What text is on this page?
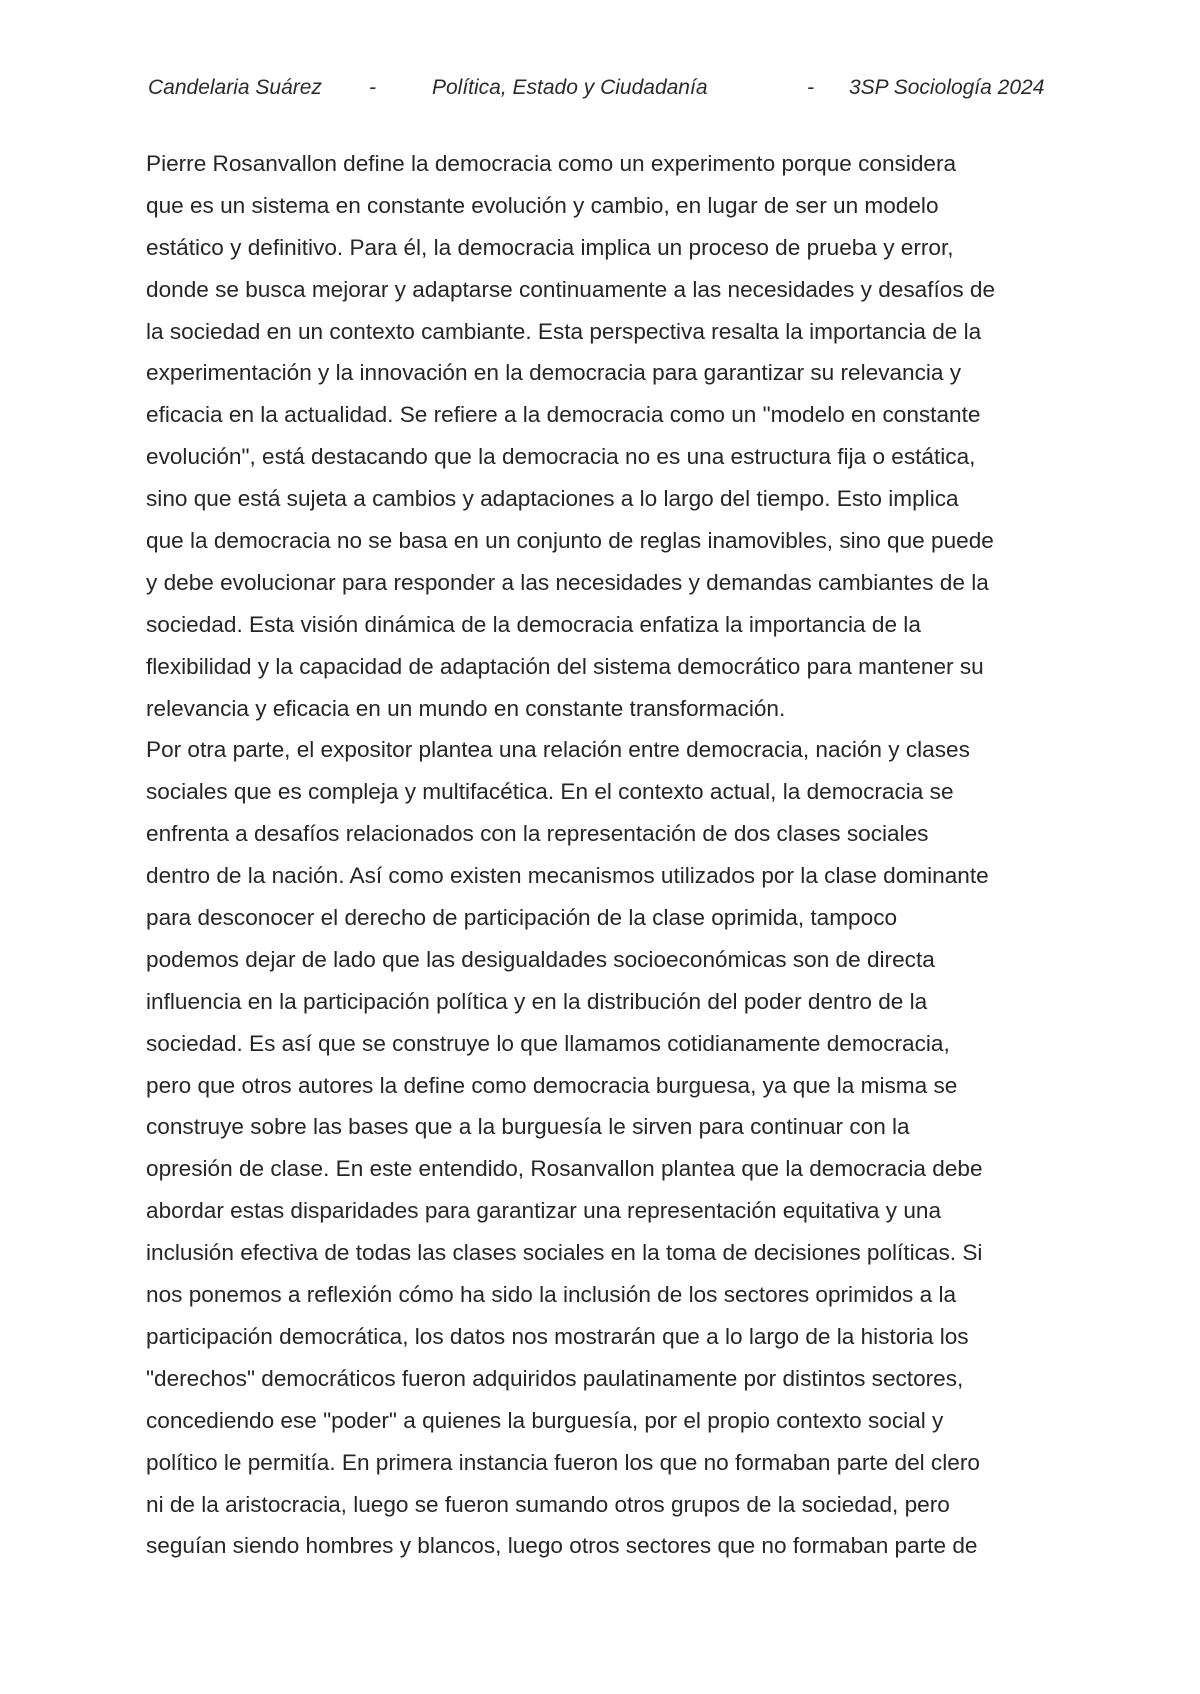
Candelaria Suárez -	Política, Estado y Ciudadanía	- 3SP Sociología 2024
Pierre Rosanvallon define la democracia como un experimento porque considera
que es un sistema en constante evolución y cambio, en lugar de ser un modelo
estático y definitivo. Para él, la democracia implica un proceso de prueba y error,
donde se busca mejorar y adaptarse continuamente a las necesidades y desafíos de
la sociedad en un contexto cambiante. Esta perspectiva resalta la importancia de la
experimentación y la innovación en la democracia para garantizar su relevancia y
eficacia en la actualidad. Se refiere a la democracia como un "modelo en constante
evolución", está destacando que la democracia no es una estructura fija o estática,
sino que está sujeta a cambios y adaptaciones a lo largo del tiempo. Esto implica
que la democracia no se basa en un conjunto de reglas inamovibles, sino que puede
y debe evolucionar para responder a las necesidades y demandas cambiantes de la
sociedad. Esta visión dinámica de la democracia enfatiza la importancia de la
flexibilidad y la capacidad de adaptación del sistema democrático para mantener su
relevancia y eficacia en un mundo en constante transformación.
Por otra parte, el expositor plantea una relación entre democracia, nación y clases
sociales que es compleja y multifacética. En el contexto actual, la democracia se
enfrenta a desafíos relacionados con la representación de dos clases sociales
dentro de la nación. Así como existen mecanismos utilizados por la clase dominante
para desconocer el derecho de participación de la clase oprimida, tampoco
podemos dejar de lado que las desigualdades socioeconómicas son de directa
influencia en la participación política y en la distribución del poder dentro de la
sociedad. Es así que se construye lo que llamamos cotidianamente democracia,
pero que otros autores la define como democracia burguesa, ya que la misma se
construye sobre las bases que a la burguesía le sirven para continuar con la
opresión de clase. En este entendido, Rosanvallon plantea que la democracia debe
abordar estas disparidades para garantizar una representación equitativa y una
inclusión efectiva de todas las clases sociales en la toma de decisiones políticas. Si
nos ponemos a reflexión cómo ha sido la inclusión de los sectores oprimidos a la
participación democrática, los datos nos mostrarán que a lo largo de la historia los
"derechos" democráticos fueron adquiridos paulatinamente por distintos sectores,
concediendo ese "poder" a quienes la burguesía, por el propio contexto social y
político le permitía. En primera instancia fueron los que no formaban parte del clero
ni de la aristocracia, luego se fueron sumando otros grupos de la sociedad, pero
seguían siendo hombres y blancos, luego otros sectores que no formaban parte de
